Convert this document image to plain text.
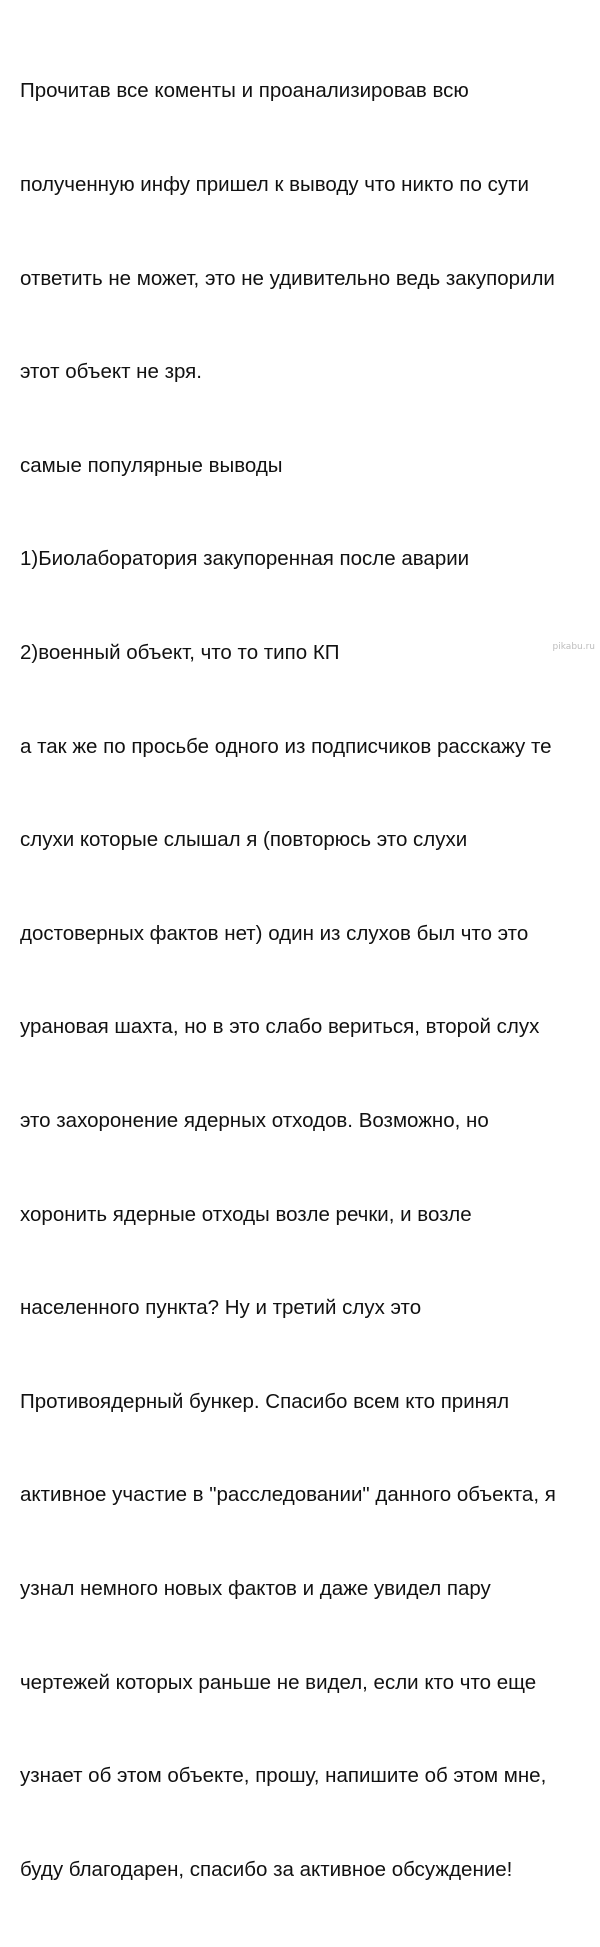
Прочитав все коменты и проанализировав всю

полученную инфу пришел к выводу что никто по сути

ответить не может, это не удивительно ведь закупорили

этот объект не зря.

самые популярные выводы

1)Биолаборатория закупоренная после аварии

2)военный объект, что то типо КП

а так же по просьбе одного из подписчиков расскажу те

слухи которые слышал я (повторюсь это слухи

достоверных фактов нет) один из слухов был что это

урановая шахта, но в это слабо вериться, второй слух

это захоронение ядерных отходов. Возможно, но

хоронить ядерные отходы возле речки, и возле

населенного пункта? Ну и третий слух это

Противоядерный бункер. Спасибо всем кто принял

активное участие в "расследовании" данного объекта, я

узнал немного новых фактов и даже увидел пару

чертежей которых раньше не видел, если кто что еще

узнает об этом объекте, прошу, напишите об этом мне,

буду благодарен, спасибо за активное обсуждение!

pikabu.ru
